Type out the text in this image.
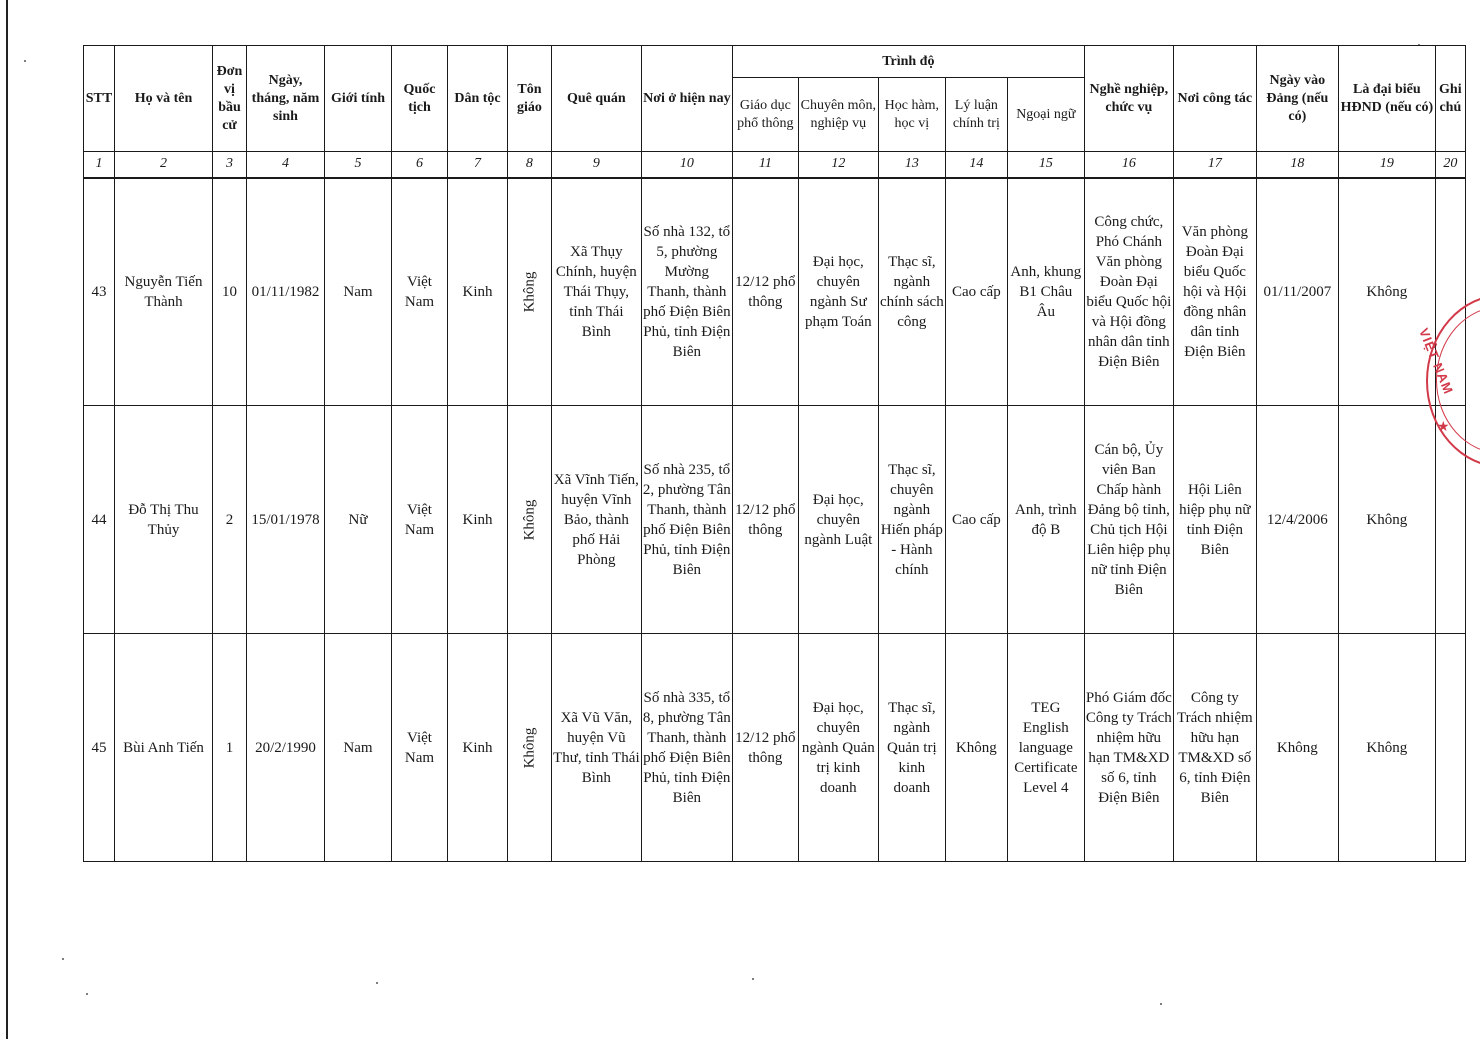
STT	Họ và tên	Đơn vị bầu cử	Ngày, tháng, năm sinh	Giới tính	Quốc tịch	Dân tộc	Tôn giáo	Quê quán	Nơi ở hiện nay	Trình độ					Nghề nghiệp, chức vụ	Nơi công tác	Ngày vào Đảng (nếu có)	Là đại biểu HĐND (nếu có)	Ghi chú
										Giáo dục phổ thông	Chuyên môn, nghiệp vụ	Học hàm, học vị	Lý luận chính trị	Ngoại ngữ					
1	2	3	4	5	6	7	8	9	10	11	12	13	14	15	16	17	18	19	20
43	Nguyễn Tiến Thành	10	01/11/1982	Nam	Việt Nam	Kinh	Không	Xã Thụy Chính, huyện Thái Thụy, tỉnh Thái Bình	Số nhà 132, tổ 5, phường Mường Thanh, thành phố Điện Biên Phủ, tỉnh Điện Biên	12/12 phổ thông	Đại học, chuyên ngành Sư phạm Toán	Thạc sĩ, ngành chính sách công	Cao cấp	Anh, khung B1 Châu Âu	Công chức, Phó Chánh Văn phòng Đoàn Đại biểu Quốc hội và Hội đồng nhân dân tỉnh Điện Biên	Văn phòng Đoàn Đại biểu Quốc hội và Hội đồng nhân dân tỉnh Điện Biên	01/11/2007	Không	
44	Đỗ Thị Thu Thủy	2	15/01/1978	Nữ	Việt Nam	Kinh	Không	Xã Vĩnh Tiến, huyện Vĩnh Bảo, thành phố Hải Phòng	Số nhà 235, tổ 2, phường Tân Thanh, thành phố Điện Biên Phủ, tỉnh Điện Biên	12/12 phổ thông	Đại học, chuyên ngành Luật	Thạc sĩ, chuyên ngành Hiến pháp - Hành chính	Cao cấp	Anh, trình độ B	Cán bộ, Ủy viên Ban Chấp hành Đảng bộ tỉnh, Chủ tịch Hội Liên hiệp phụ nữ tỉnh Điện Biên	Hội Liên hiệp phụ nữ tỉnh Điện Biên	12/4/2006	Không	
45	Bùi Anh Tiến	1	20/2/1990	Nam	Việt Nam	Kinh	Không	Xã Vũ Văn, huyện Vũ Thư, tỉnh Thái Bình	Số nhà 335, tổ 8, phường Tân Thanh, thành phố Điện Biên Phủ, tỉnh Điện Biên	12/12 phổ thông	Đại học, chuyên ngành Quản trị kinh doanh	Thạc sĩ, ngành Quản trị kinh doanh	Không	TEG English language Certificate Level 4	Phó Giám đốc Công ty Trách nhiệm hữu hạn TM&XD số 6, tỉnh Điện Biên	Công ty Trách nhiệm hữu hạn TM&XD số 6, tỉnh Điện Biên	Không	Không	
VIỆT NAM
★
